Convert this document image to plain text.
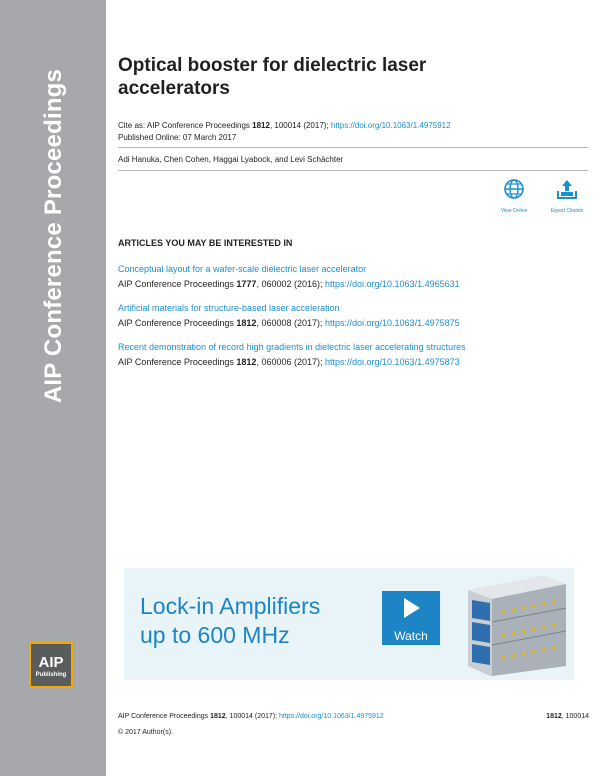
AIP Conference Proceedings
AIP
Publishing
Optical booster for dielectric laser accelerators
Cite as: AIP Conference Proceedings 1812, 100014 (2017); https://doi.org/10.1063/1.4975912
Published Online: 07 March 2017
Adi Hanuka, Chen Cohen, Haggai Lyabock, and Levi Schächter
View Online	Export Citation
ARTICLES YOU MAY BE INTERESTED IN
Conceptual layout for a wafer-scale dielectric laser accelerator
AIP Conference Proceedings 1777, 060002 (2016); https://doi.org/10.1063/1.4965631
Artificial materials for structure-based laser acceleration
AIP Conference Proceedings 1812, 060008 (2017); https://doi.org/10.1063/1.4975875
Recent demonstration of record high gradients in dielectric laser accelerating structures
AIP Conference Proceedings 1812, 060006 (2017); https://doi.org/10.1063/1.4975873
Lock-in Amplifiers
up to 600 MHz	Watch
AIP Conference Proceedings 1812, 100014 (2017); https://doi.org/10.1063/1.4975912	1812, 100014
© 2017 Author(s).
